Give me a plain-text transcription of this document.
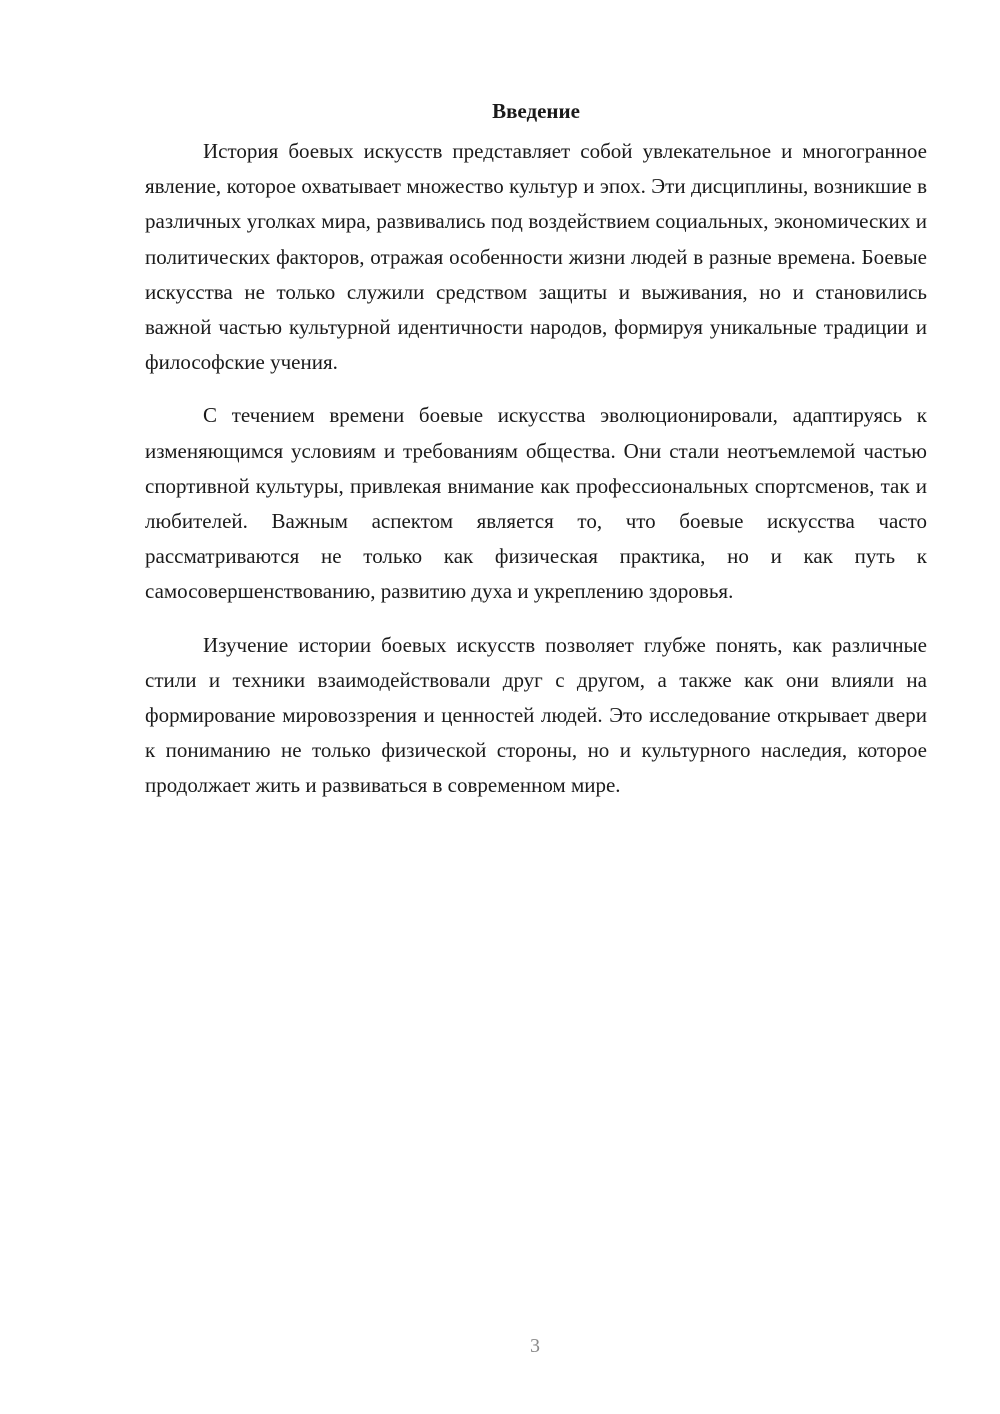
Введение

История боевых искусств представляет собой увлекательное и многогранное явление, которое охватывает множество культур и эпох. Эти дисциплины, возникшие в различных уголках мира, развивались под воздействием социальных, экономических и политических факторов, отражая особенности жизни людей в разные времена. Боевые искусства не только служили средством защиты и выживания, но и становились важной частью культурной идентичности народов, формируя уникальные традиции и философские учения.

С течением времени боевые искусства эволюционировали, адаптируясь к изменяющимся условиям и требованиям общества. Они стали неотъемлемой частью спортивной культуры, привлекая внимание как профессиональных спортсменов, так и любителей. Важным аспектом является то, что боевые искусства часто рассматриваются не только как физическая практика, но и как путь к самосовершенствованию, развитию духа и укреплению здоровья.

Изучение истории боевых искусств позволяет глубже понять, как различные стили и техники взаимодействовали друг с другом, а также как они влияли на формирование мировоззрения и ценностей людей. Это исследование открывает двери к пониманию не только физической стороны, но и культурного наследия, которое продолжает жить и развиваться в современном мире.

3
